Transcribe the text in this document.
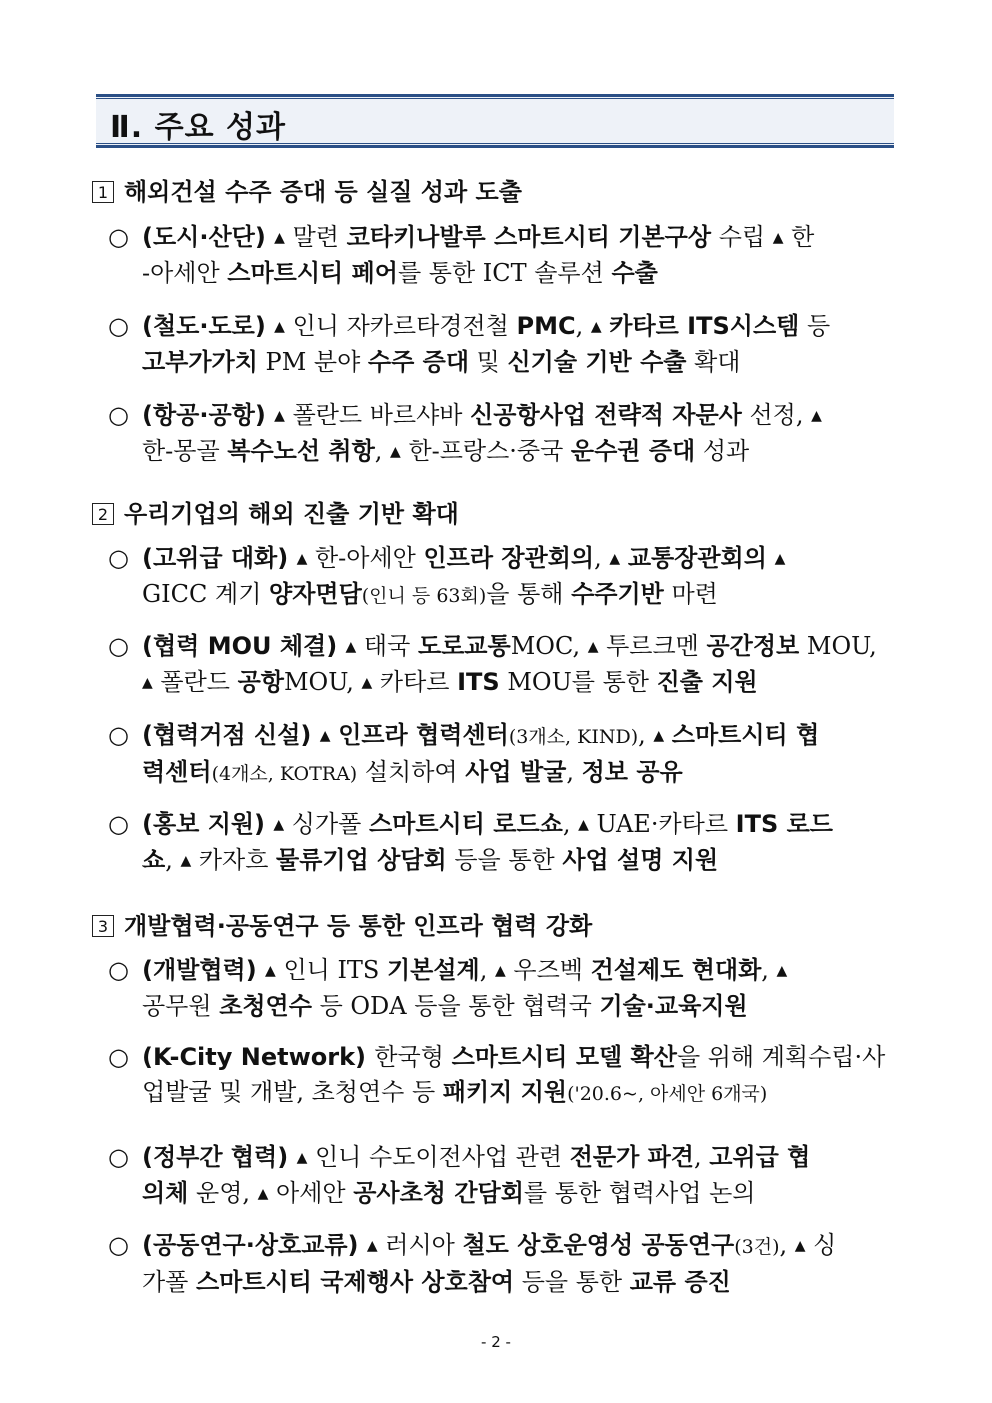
Ⅱ. 주요 성과
1 해외건설 수주 증대 등 실질 성과 도출
○ (도시·산단) ▲ 말련 코타키나발루 스마트시티 기본구상 수립 ▲ 한
-아세안 스마트시티 페어를 통한 ICT 솔루션 수출
○ (철도·도로) ▲ 인니 자카르타경전철 PMC, ▲ 카타르 ITS시스템 등
고부가가치 PM 분야 수주 증대 및 신기술 기반 수출 확대
○ (항공·공항) ▲ 폴란드 바르샤바 신공항사업 전략적 자문사 선정, ▲
한-몽골 복수노선 취항, ▲ 한-프랑스·중국 운수권 증대 성과
2 우리기업의 해외 진출 기반 확대
○ (고위급 대화) ▲ 한-아세안 인프라 장관회의, ▲ 교통장관회의 ▲
GICC 계기 양자면담(인니 등 63회)을 통해 수주기반 마련
○ (협력 MOU 체결) ▲ 태국 도로교통MOC, ▲ 투르크멘 공간정보 MOU,
▲ 폴란드 공항MOU, ▲ 카타르 ITS MOU를 통한 진출 지원
○ (협력거점 신설) ▲ 인프라 협력센터(3개소, KIND), ▲ 스마트시티 협
력센터(4개소, KOTRA) 설치하여 사업 발굴, 정보 공유
○ (홍보 지원) ▲ 싱가폴 스마트시티 로드쇼, ▲ UAE·카타르 ITS 로드
쇼, ▲ 카자흐 물류기업 상담회 등을 통한 사업 설명 지원
3 개발협력·공동연구 등 통한 인프라 협력 강화
○ (개발협력) ▲ 인니 ITS 기본설계, ▲ 우즈벡 건설제도 현대화, ▲
공무원 초청연수 등 ODA 등을 통한 협력국 기술·교육지원
○ (K-City Network) 한국형 스마트시티 모델 확산을 위해 계획수립·사
업발굴 및 개발, 초청연수 등 패키지 지원('20.6~, 아세안 6개국)
○ (정부간 협력) ▲ 인니 수도이전사업 관련 전문가 파견, 고위급 협
의체 운영, ▲ 아세안 공사초청 간담회를 통한 협력사업 논의
○ (공동연구·상호교류) ▲ 러시아 철도 상호운영성 공동연구(3건), ▲ 싱
가폴 스마트시티 국제행사 상호참여 등을 통한 교류 증진
- 2 -
